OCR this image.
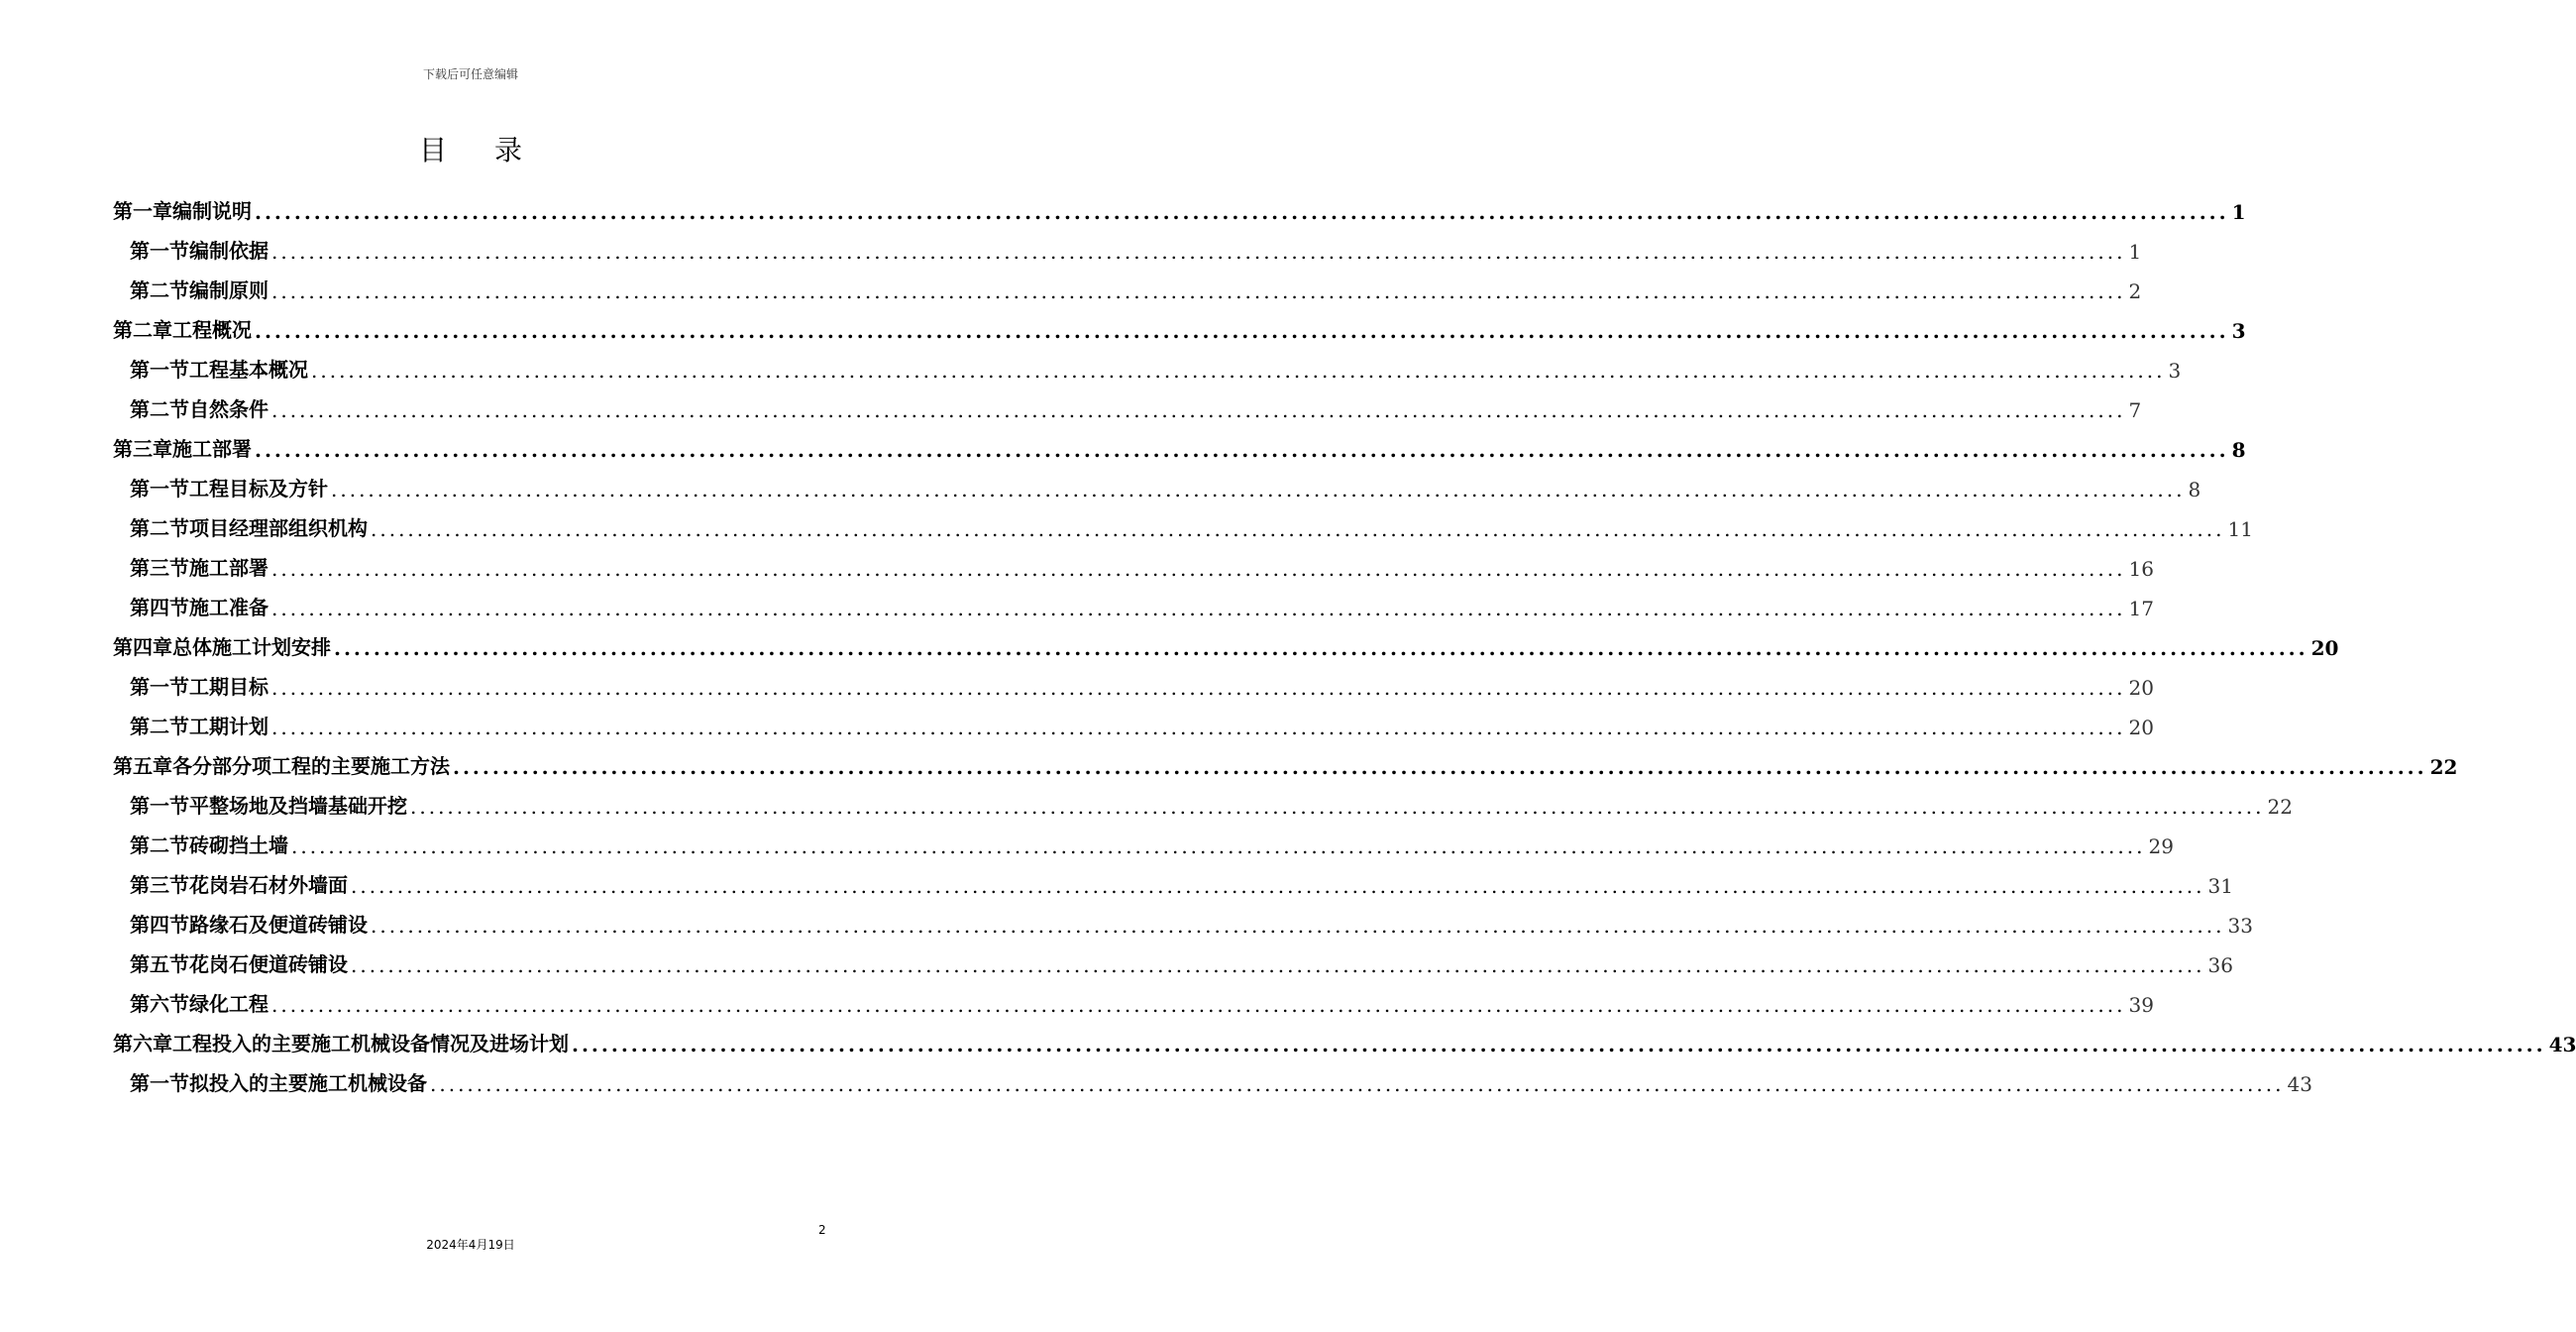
下载后可任意编辑
目录
第一章 编制说明 ........................................................................................................................................................................................................ 1
第一节 编制依据 ........................................................................................................................................................................................................ 1
第二节 编制原则 ........................................................................................................................................................................................................ 2
第二章 工程概况 ........................................................................................................................................................................................................ 3
第一节 工程基本概况 ........................................................................................................................................................................................................ 3
第二节 自然条件 ........................................................................................................................................................................................................ 7
第三章 施工部署 ........................................................................................................................................................................................................ 8
第一节 工程目标及方针 ........................................................................................................................................................................................................ 8
第二节 项目经理部组织机构 ........................................................................................................................................................................................................ 11
第三节 施工部署 ........................................................................................................................................................................................................ 16
第四节 施工准备 ........................................................................................................................................................................................................ 17
第四章 总体施工计划安排 ........................................................................................................................................................................................................ 20
第一节 工期目标 ........................................................................................................................................................................................................ 20
第二节 工期计划 ........................................................................................................................................................................................................ 20
第五章 各分部分项工程的主要施工方法 ........................................................................................................................................................................................................ 22
第一节 平整场地及挡墙基础开挖 ........................................................................................................................................................................................................ 22
第二节 砖砌挡土墙 ........................................................................................................................................................................................................ 29
第三节 花岗岩石材外墙面 ........................................................................................................................................................................................................ 31
第四节 路缘石及便道砖铺设 ........................................................................................................................................................................................................ 33
第五节 花岗石便道砖铺设 ........................................................................................................................................................................................................ 36
第六节 绿化工程 ........................................................................................................................................................................................................ 39
第六章 工程投入的主要施工机械设备情况及进场计划 ........................................................................................................................................................................................................ 43
第一节 拟投入的主要施工机械设备 ........................................................................................................................................................................................................ 43
2
2024年4月19日
